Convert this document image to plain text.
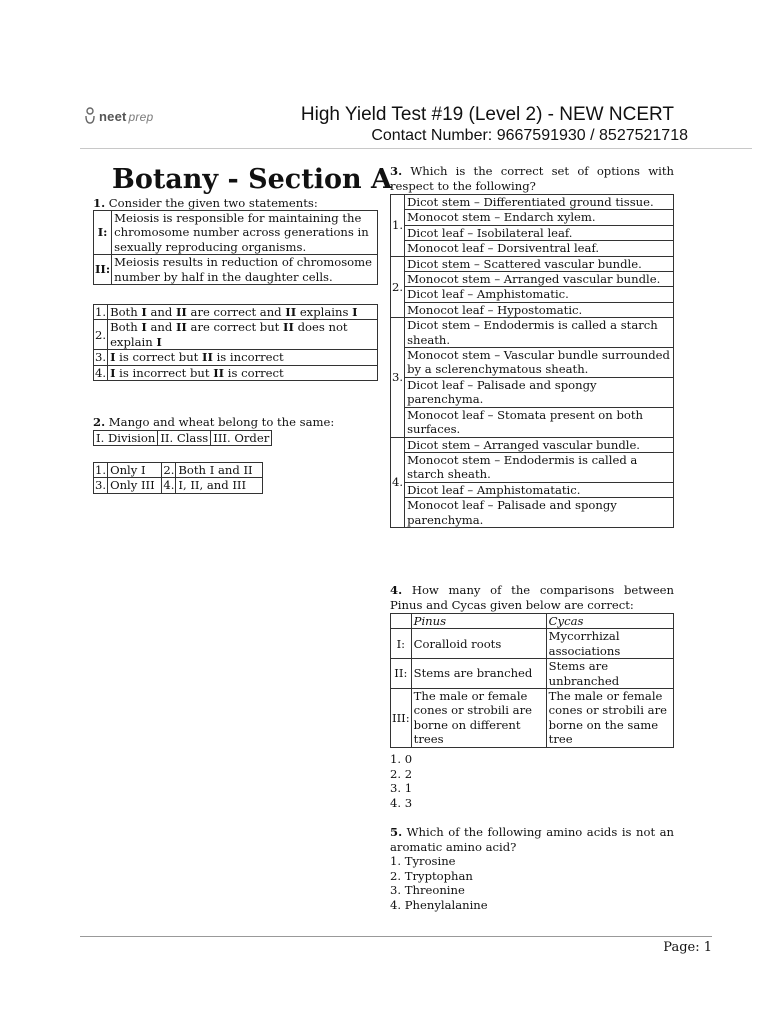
neet prep	High Yield Test #19 (Level 2) - NEW NCERT
Contact Number: 9667591930 / 8527521718
Botany - Section A
1. Consider the given two statements:
I:	Meiosis is responsible for maintaining the chromosome number across generations in sexually reproducing organisms.
II:	Meiosis results in reduction of chromosome number by half in the daughter cells.
1.	Both I and II are correct and II explains I
2.	Both I and II are correct but II does not explain I
3.	I is correct but II is incorrect
4.	I is incorrect but II is correct
2. Mango and wheat belong to the same:
I. Division	II. Class	III. Order
1.	Only I	2.	Both I and II
3.	Only III	4.	I, II, and III
3. Which is the correct set of options with
respect to the following?
1.	Dicot stem – Differentiated ground tissue.
	Monocot stem – Endarch xylem.
	Dicot leaf – Isobilateral leaf.
	Monocot leaf – Dorsiventral leaf.
2.	Dicot stem – Scattered vascular bundle.
	Monocot stem – Arranged vascular bundle.
	Dicot leaf – Amphistomatic.
	Monocot leaf – Hypostomatic.
3.	Dicot stem – Endodermis is called a starch sheath.
	Monocot stem – Vascular bundle surrounded by a sclerenchymatous sheath.
	Dicot leaf – Palisade and spongy parenchyma.
	Monocot leaf – Stomata present on both surfaces.
4.	Dicot stem – Arranged vascular bundle.
	Monocot stem – Endodermis is called a starch sheath.
	Dicot leaf – Amphistomatatic.
	Monocot leaf – Palisade and spongy parenchyma.
4. How many of the comparisons between
Pinus and Cycas given below are correct:
	Pinus	Cycas
I:	Coralloid roots	Mycorrhizal associations
II:	Stems are branched	Stems are unbranched
III:	The male or female cones or strobili are borne on different trees	The male or female cones or strobili are borne on the same tree
1. 0
2. 2
3. 1
4. 3
5. Which of the following amino acids is not an
aromatic amino acid?
1. Tyrosine
2. Tryptophan
3. Threonine
4. Phenylalanine
Page: 1
